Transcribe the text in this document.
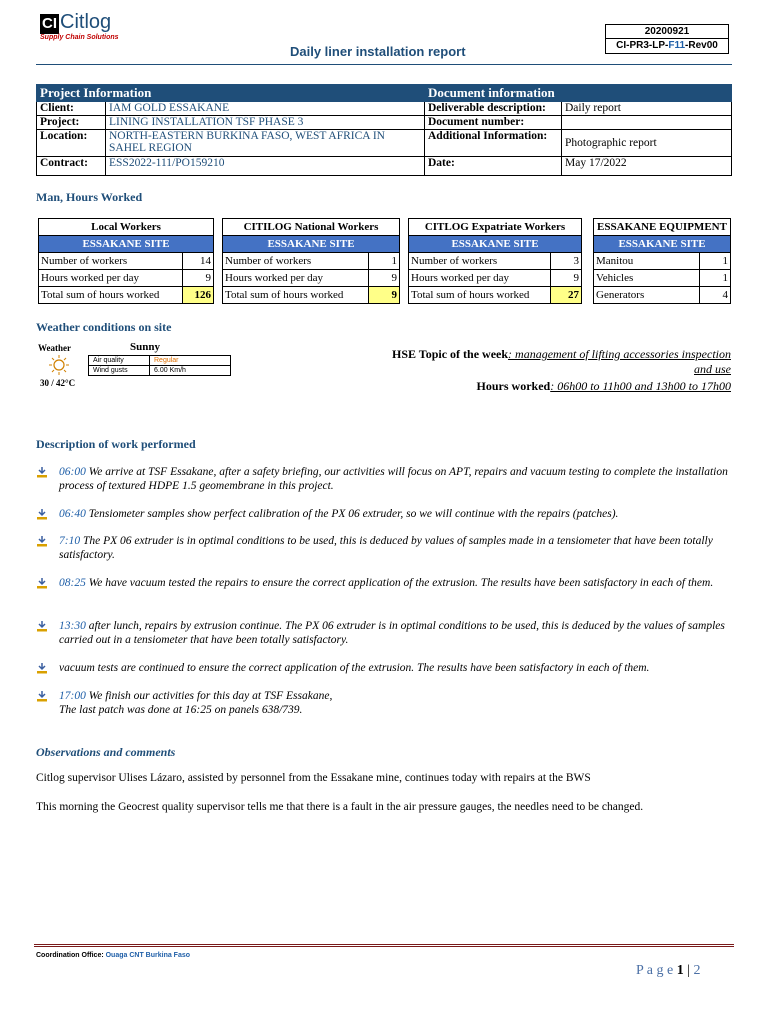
CI Citlog
Supply Chain Solutions
Daily liner installation report
20200921
CI-PR3-LP-F11-Rev00
Project Information		Document information	
Client:	IAM GOLD ESSAKANE	Deliverable description:	Daily report
Project:	LINING INSTALLATION TSF PHASE 3	Document number:	
Location:	NORTH-EASTERN BURKINA FASO, WEST AFRICA IN SAHEL REGION	Additional Information:	Photographic report
Contract:	ESS2022-111/PO159210	Date:	May 17/2022
Man, Hours Worked
Local Workers	
ESSAKANE SITE	
Number of workers	14
Hours worked per day	9
Total sum of hours worked	126
CITILOG National Workers	
ESSAKANE SITE	
Number of workers	1
Hours worked per day	9
Total sum of hours worked	9
CITLOG Expatriate Workers	
ESSAKANE SITE	
Number of workers	3
Hours worked per day	9
Total sum of hours worked	27
ESSAKANE EQUIPMENT	
ESSAKANE SITE	
Manitou	1
Vehicles	1
Generators	4
Weather conditions on site
Weather	Sunny
30 / 42°C
Air quality	Regular
Wind gusts	6.00 Km/h
HSE Topic of the week: management of lifting accessories inspection and use
Hours worked: 06h00 to 11h00 and 13h00 to 17h00
Description of work performed
06:00 We arrive at TSF Essakane, after a safety briefing, our activities will focus on APT, repairs and vacuum testing to complete the installation process of textured HDPE 1.5 geomembrane in this project.
06:40 Tensiometer samples show perfect calibration of the PX 06 extruder, so we will continue with the repairs (patches).
7:10 The PX 06 extruder is in optimal conditions to be used, this is deduced by values of samples made in a tensiometer that have been totally satisfactory.
08:25 We have vacuum tested the repairs to ensure the correct application of the extrusion. The results have been satisfactory in each of them.
13:30 after lunch, repairs by extrusion continue. The PX 06 extruder is in optimal conditions to be used, this is deduced by the values of samples carried out in a tensiometer that have been totally satisfactory.
vacuum tests are continued to ensure the correct application of the extrusion. The results have been satisfactory in each of them.
17:00 We finish our activities for this day at TSF Essakane,
The last patch was done at 16:25 on panels 638/739.
Observations and comments
Citlog supervisor Ulises Lázaro, assisted by personnel from the Essakane mine, continues today with repairs at the BWS
This morning the Geocrest quality supervisor tells me that there is a fault in the air pressure gauges, the needles need to be changed.
Coordination Office: Ouaga CNT Burkina Faso
P a g e 1 | 2
